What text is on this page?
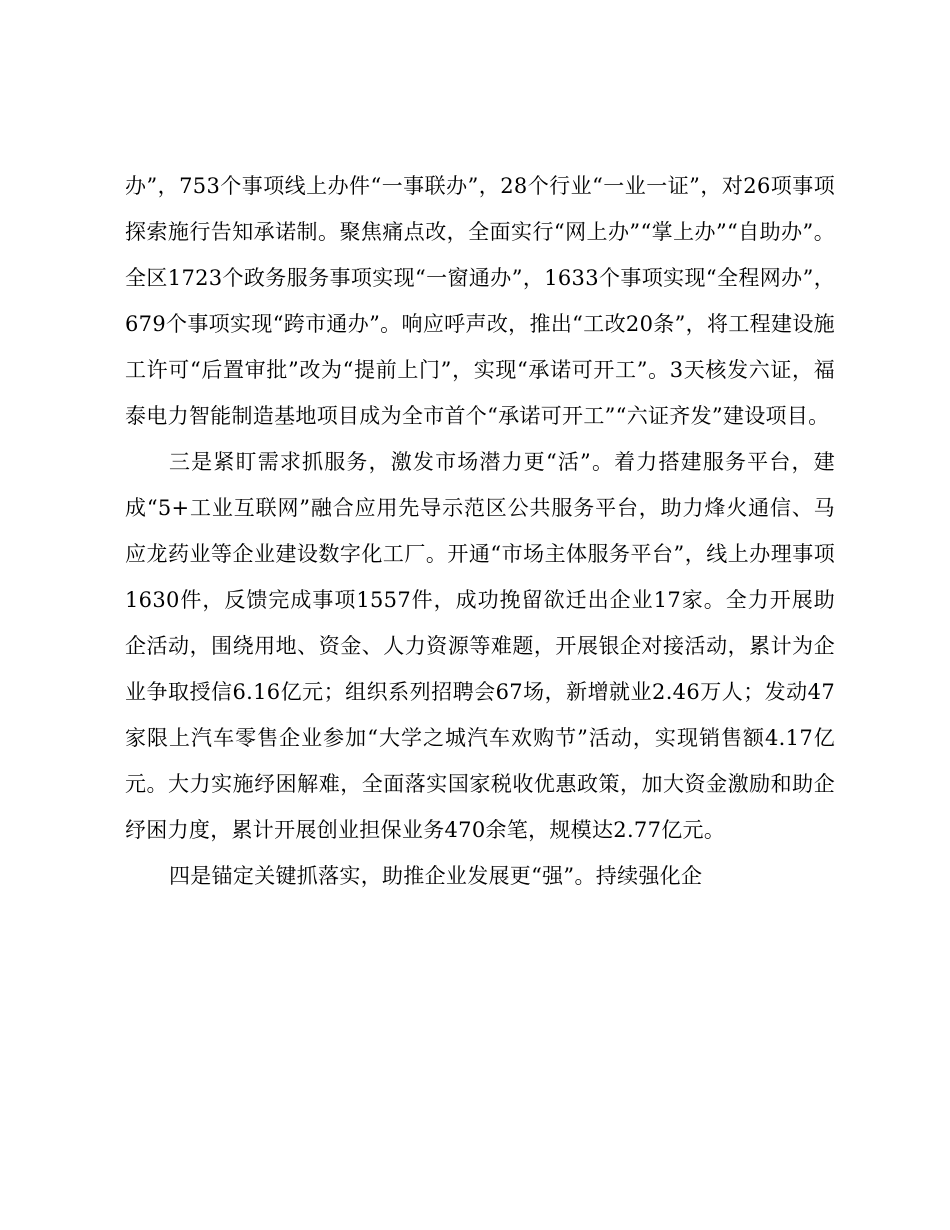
办”，753个事项线上办件“一事联办”，28个行业“一业一证”，对26项事项探索施行告知承诺制。聚焦痛点改，全面实行“网上办”“掌上办”“自助办”。全区1723个政务服务事项实现“一窗通办”，1633个事项实现“全程网办”，679个事项实现“跨市通办”。响应呼声改，推出“工改20条”，将工程建设施工许可“后置审批”改为“提前上门”，实现“承诺可开工”。3天核发六证，福泰电力智能制造基地项目成为全市首个“承诺可开工”“六证齐发”建设项目。

三是紧盯需求抓服务，激发市场潜力更“活”。着力搭建服务平台，建成“5+工业互联网”融合应用先导示范区公共服务平台，助力烽火通信、马应龙药业等企业建设数字化工厂。开通“市场主体服务平台”，线上办理事项1630件，反馈完成事项1557件，成功挽留欲迁出企业17家。全力开展助企活动，围绕用地、资金、人力资源等难题，开展银企对接活动，累计为企业争取授信6.16亿元；组织系列招聘会67场，新增就业2.46万人；发动47家限上汽车零售企业参加“大学之城汽车欢购节”活动，实现销售额4.17亿元。大力实施纾困解难，全面落实国家税收优惠政策，加大资金激励和助企纾困力度，累计开展创业担保业务470余笔，规模达2.77亿元。

四是锚定关键抓落实，助推企业发展更“强”。持续强化企
